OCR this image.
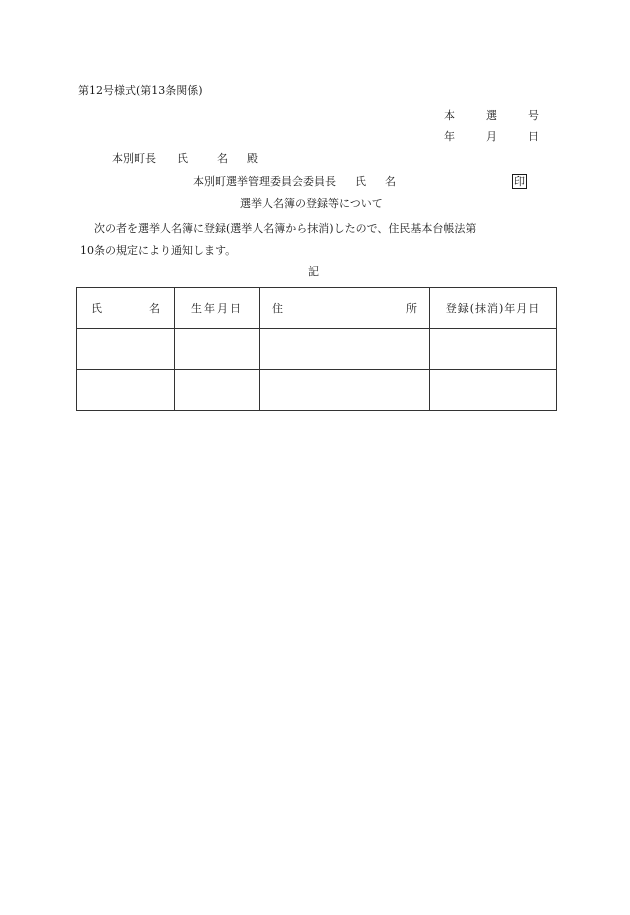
第12号様式(第13条関係)
本	選	号
年	月	日
本別町長 氏	名 殿
本別町選挙管理委員会委員長 氏 名	印
選挙人名簿の登録等について
次の者を選挙人名簿に登録(選挙人名簿から抹消)したので、住民基本台帳法第
10条の規定により通知します。
記
氏 名	生年月日	住 所	登録(抹消)年月日
